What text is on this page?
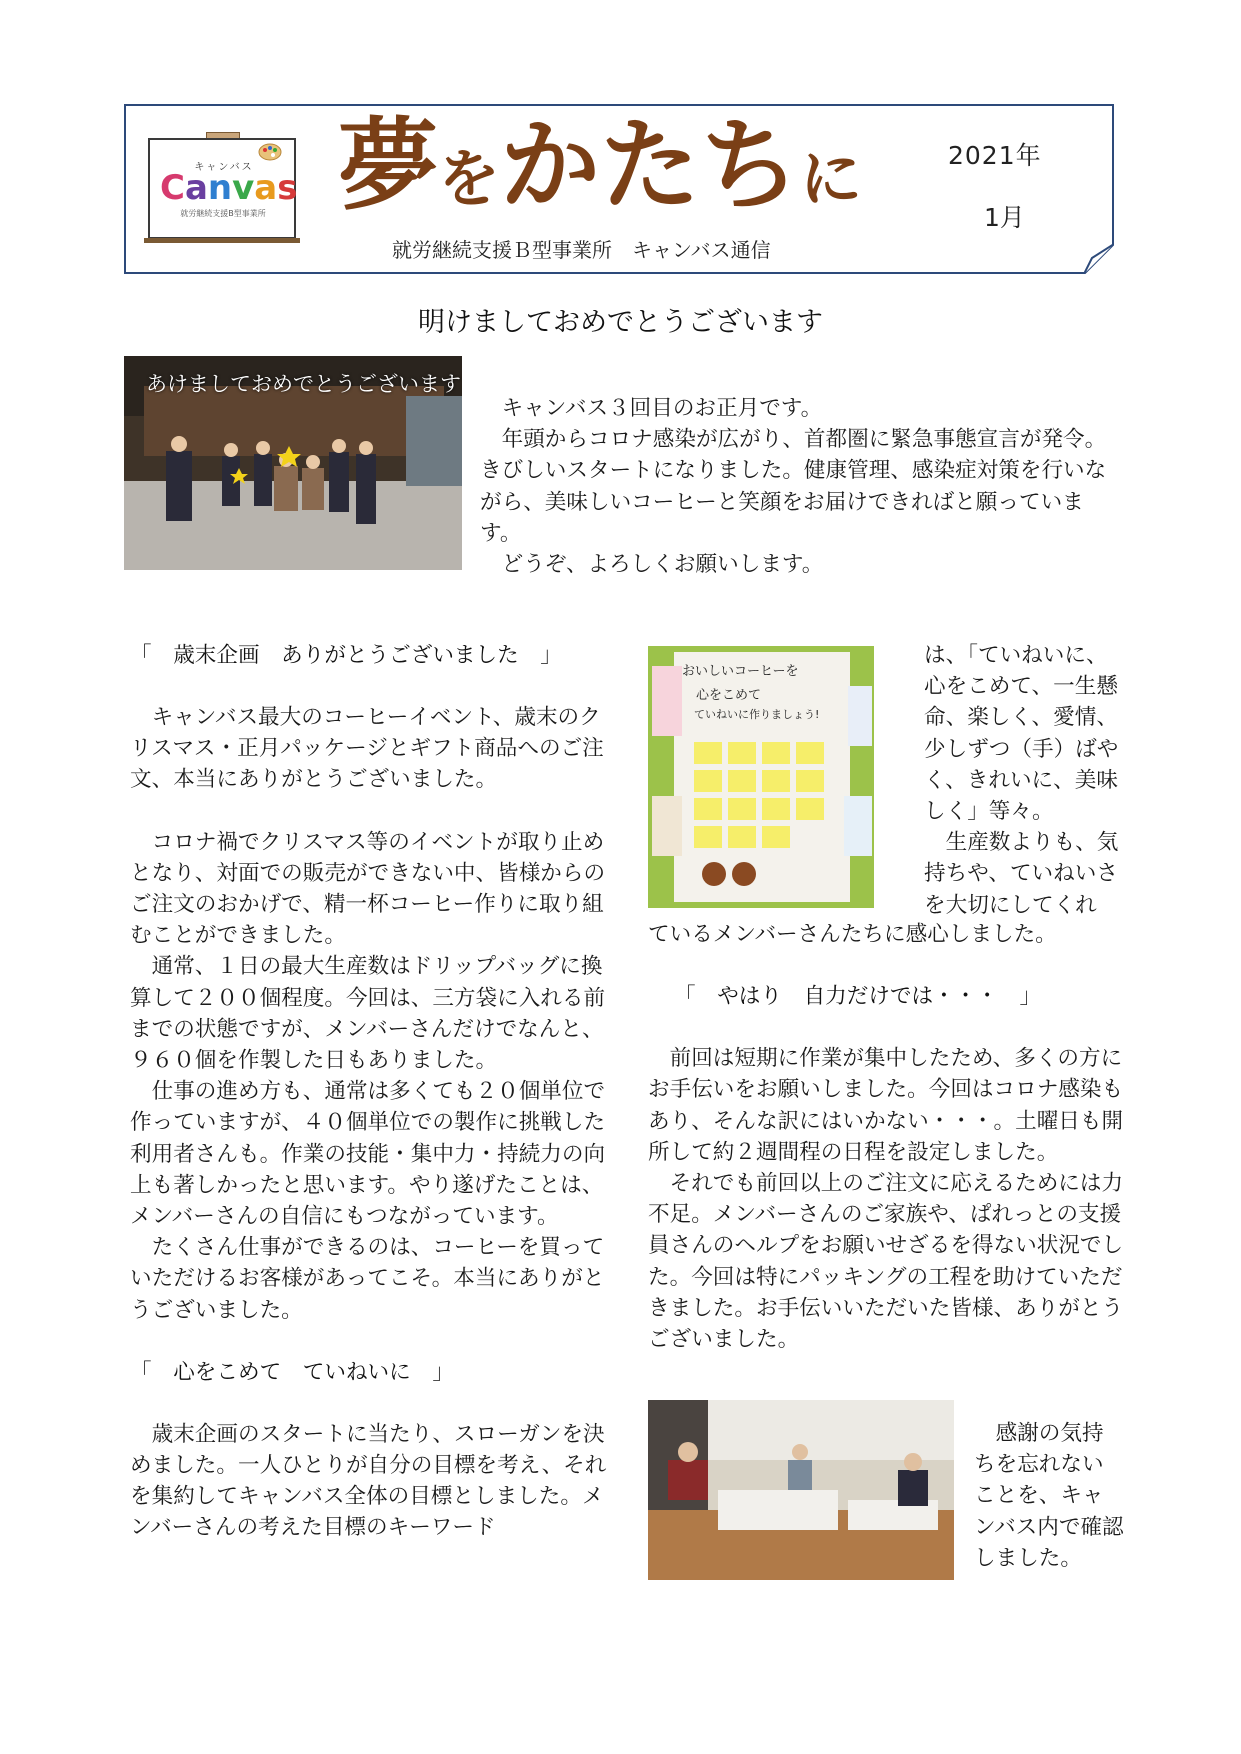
キャンバス
Canvas
就労継続支援B型事業所 夢をかたちに	2021年
1月
就労継続支援Ｂ型事業所　キャンバス通信
明けましておめでとうございます
あけましておめでとうございます

キャンバス３回目のお正月です。

年頭からコロナ感染が広がり、首都圏に緊急事態宣言が発令。きびしいスタートになりました。健康管理、感染症対策を行いながら、美味しいコーヒーと笑顔をお届けできればと願っています。

どうぞ、よろしくお願いします。

「　歳末企画　ありがとうございました　」

キャンバス最大のコーヒーイベント、歳末のクリスマス・正月パッケージとギフト商品へのご注文、本当にありがとうございました。

コロナ禍でクリスマス等のイベントが取り止めとなり、対面での販売ができない中、皆様からのご注文のおかげで、精一杯コーヒー作りに取り組むことができました。

通常、１日の最大生産数はドリップバッグに換算して２００個程度。今回は、三方袋に入れる前までの状態ですが、メンバーさんだけでなんと、９６０個を作製した日もありました。

仕事の進め方も、通常は多くても２０個単位で作っていますが、４０個単位での製作に挑戦した利用者さんも。作業の技能・集中力・持続力の向上も著しかったと思います。やり遂げたことは、メンバーさんの自信にもつながっています。

たくさん仕事ができるのは、コーヒーを買っていただけるお客様があってこそ。本当にありがとうございました。

「　心をこめて　ていねいに　」

歳末企画のスタートに当たり、スローガンを決めました。一人ひとりが自分の目標を考え、それを集約してキャンバス全体の目標としました。メンバーさんの考えた目標のキーワード

おいしいコーヒーを
心をこめて
ていねいに作りましょう!

は、「ていねいに、心をこめて、一生懸命、楽しく、愛情、少しずつ（手）ばやく、きれいに、美味しく」等々。

生産数よりも、気持ちや、ていねいさを大切にしてくれ

ているメンバーさんたちに感心しました。

「　やはり　自力だけでは・・・　」

前回は短期に作業が集中したため、多くの方にお手伝いをお願いしました。今回はコロナ感染もあり、そんな訳にはいかない・・・。土曜日も開所して約２週間程の日程を設定しました。

それでも前回以上のご注文に応えるためには力不足。メンバーさんのご家族や、ぱれっとの支援員さんのヘルプをお願いせざるを得ない状況でした。今回は特にパッキングの工程を助けていただきました。お手伝いいただいた皆様、ありがとうございました。

感謝の気持ちを忘れないことを、キャンバス内で確認しました。
